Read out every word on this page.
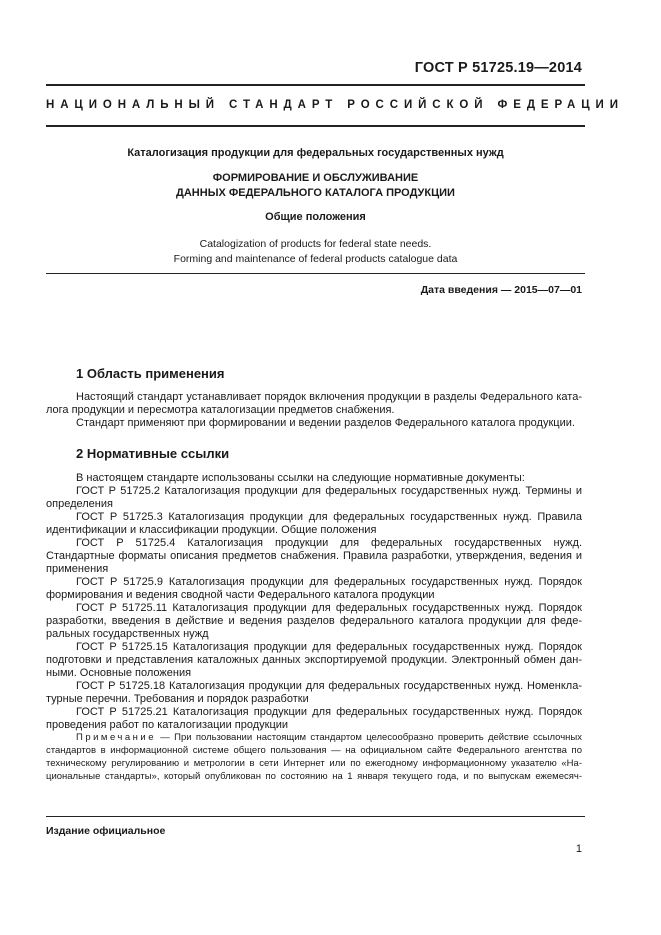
ГОСТ Р 51725.19—2014
НАЦИОНАЛЬНЫЙ СТАНДАРТ РОССИЙСКОЙ ФЕДЕРАЦИИ
Каталогизация продукции для федеральных государственных нужд
ФОРМИРОВАНИЕ И ОБСЛУЖИВАНИЕ
ДАННЫХ ФЕДЕРАЛЬНОГО КАТАЛОГА ПРОДУКЦИИ
Общие положения
Catalogization of products for federal state needs.
Forming and maintenance of federal products catalogue data
Дата введения — 2015—07—01
1 Область применения

Настоящий стандарт устанавливает порядок включения продукции в разделы Федерального каталога продукции и пересмотра каталогизации предметов снабжения.

Стандарт применяют при формировании и ведении разделов Федерального каталога продукции.

2 Нормативные ссылки

В настоящем стандарте использованы ссылки на следующие нормативные документы:

ГОСТ Р 51725.2 Каталогизация продукции для федеральных государственных нужд. Термины и определения

ГОСТ Р 51725.3 Каталогизация продукции для федеральных государственных нужд. Правила идентификации и классификации продукции. Общие положения

ГОСТ Р 51725.4 Каталогизация продукции для федеральных государственных нужд. Стандартные форматы описания предметов снабжения. Правила разработки, утверждения, ведения и применения

ГОСТ Р 51725.9 Каталогизация продукции для федеральных государственных нужд. Порядок формирования и ведения сводной части Федерального каталога продукции

ГОСТ Р 51725.11 Каталогизация продукции для федеральных государственных нужд. Порядок разработки, введения в действие и ведения разделов федерального каталога продукции для федеральных государственных нужд

ГОСТ Р 51725.15 Каталогизация продукции для федеральных государственных нужд. Порядок подготовки и представления каталожных данных экспортируемой продукции. Электронный обмен данными. Основные положения

ГОСТ Р 51725.18 Каталогизация продукции для федеральных государственных нужд. Номенклатурные перечни. Требования и порядок разработки

ГОСТ Р 51725.21 Каталогизация продукции для федеральных государственных нужд. Порядок проведения работ по каталогизации продукции

Примечание — При пользовании настоящим стандартом целесообразно проверить действие ссылочных стандартов в информационной системе общего пользования — на официальном сайте Федерального агентства по техническому регулированию и метрологии в сети Интернет или по ежегодному информационному указателю «Национальные стандарты», который опубликован по состоянию на 1 января текущего года, и по выпускам ежемесяч-

Издание официальное
1
